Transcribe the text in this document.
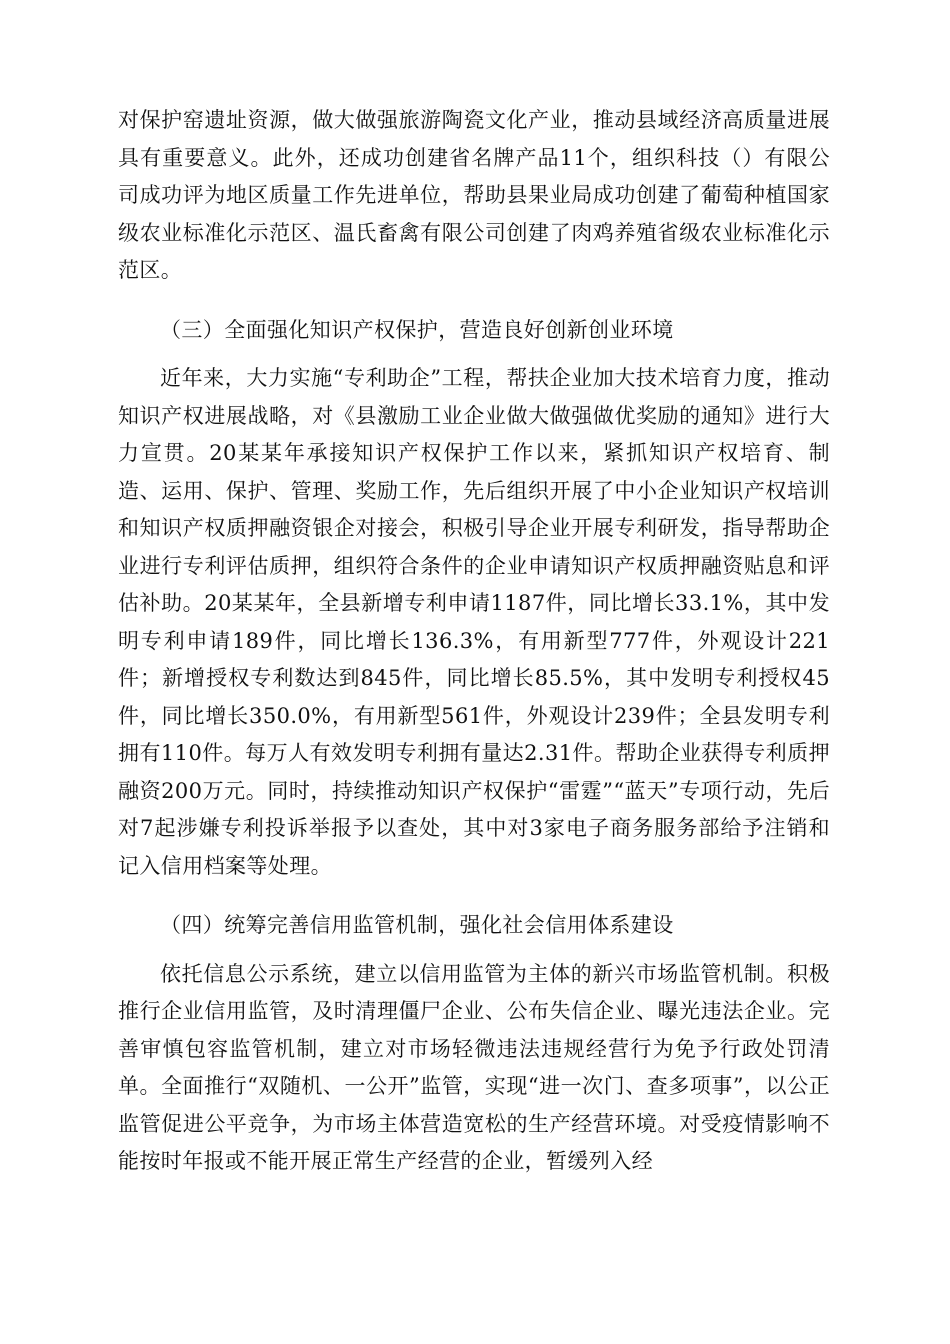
对保护窑遗址资源，做大做强旅游陶瓷文化产业，推动县域经济高质量进展具有重要意义。此外，还成功创建省名牌产品11个，组织科技（）有限公司成功评为地区质量工作先进单位，帮助县果业局成功创建了葡萄种植国家级农业标准化示范区、温氏畜禽有限公司创建了肉鸡养殖省级农业标准化示范区。

（三）全面强化知识产权保护，营造良好创新创业环境

近年来，大力实施“专利助企”工程，帮扶企业加大技术培育力度，推动知识产权进展战略，对《县激励工业企业做大做强做优奖励的通知》进行大力宣贯。20某某年承接知识产权保护工作以来，紧抓知识产权培育、制造、运用、保护、管理、奖励工作，先后组织开展了中小企业知识产权培训和知识产权质押融资银企对接会，积极引导企业开展专利研发，指导帮助企业进行专利评估质押，组织符合条件的企业申请知识产权质押融资贴息和评估补助。20某某年，全县新增专利申请1187件，同比增长33.1%，其中发明专利申请189件，同比增长136.3%，有用新型777件，外观设计221件；新增授权专利数达到845件，同比增长85.5%，其中发明专利授权45件，同比增长350.0%，有用新型561件，外观设计239件；全县发明专利拥有110件。每万人有效发明专利拥有量达2.31件。帮助企业获得专利质押融资200万元。同时，持续推动知识产权保护“雷霆”“蓝天”专项行动，先后对7起涉嫌专利投诉举报予以查处，其中对3家电子商务服务部给予注销和记入信用档案等处理。

（四）统筹完善信用监管机制，强化社会信用体系建设

依托信息公示系统，建立以信用监管为主体的新兴市场监管机制。积极推行企业信用监管，及时清理僵尸企业、公布失信企业、曝光违法企业。完善审慎包容监管机制，建立对市场轻微违法违规经营行为免予行政处罚清单。全面推行“双随机、一公开”监管，实现“进一次门、查多项事”，以公正监管促进公平竞争，为市场主体营造宽松的生产经营环境。对受疫情影响不能按时年报或不能开展正常生产经营的企业，暂缓列入经
